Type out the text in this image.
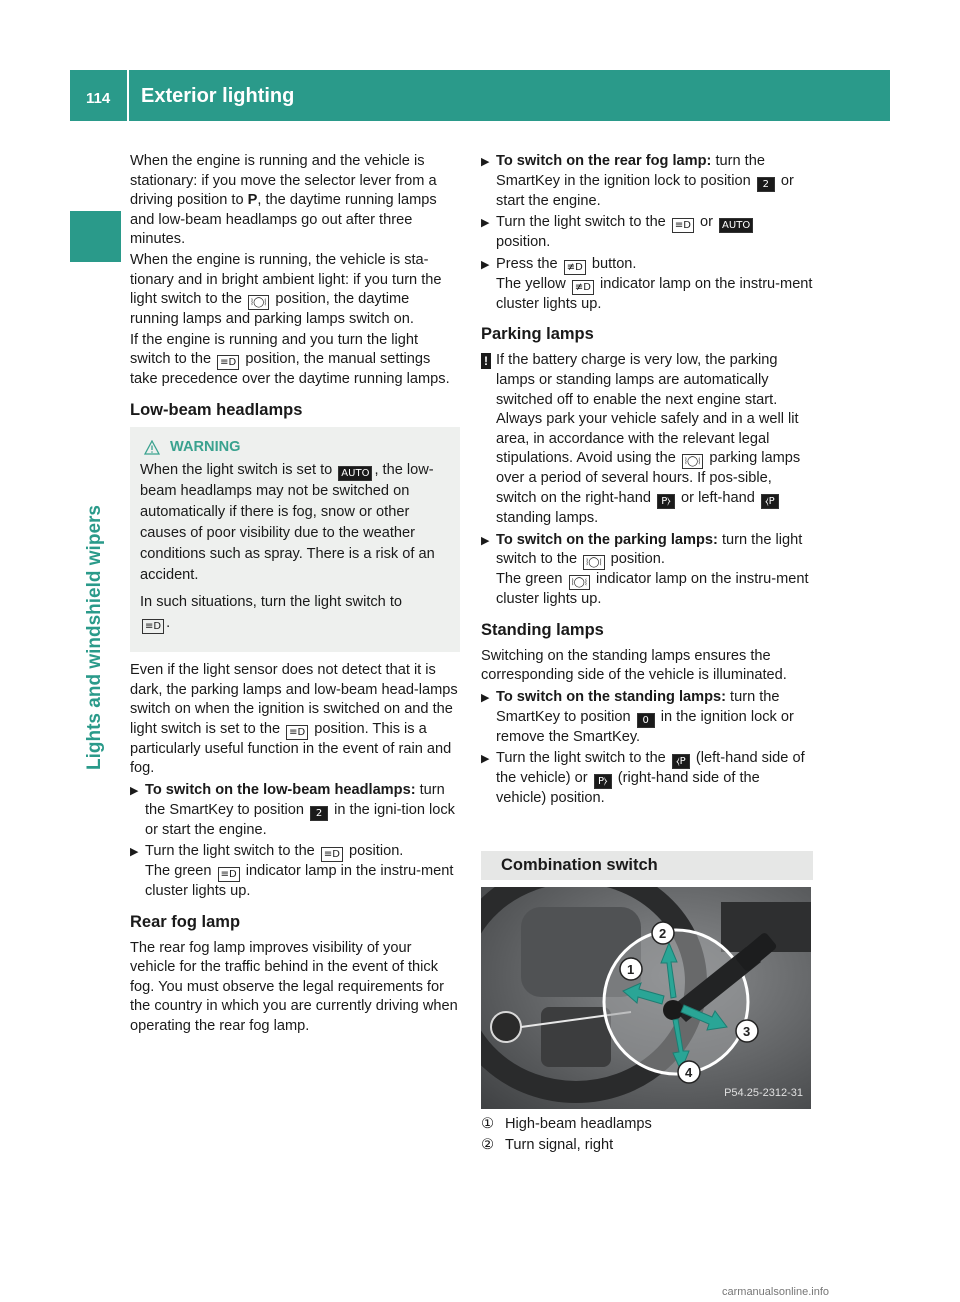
114 Exterior lighting
Lights and windshield wipers

When the engine is running and the vehicle is stationary: if you move the selector lever from a driving position to P, the daytime running lamps and low-beam headlamps go out after three minutes.

When the engine is running, the vehicle is sta-tionary and in bright ambient light: if you turn the light switch to the ⧘◯⧙ position, the daytime running lamps and parking lamps switch on.

If the engine is running and you turn the light switch to the ≡D position, the manual settings take precedence over the daytime running lamps.

Low-beam headlamps
WARNING

When the light switch is set to AUTO , the low-beam headlamps may not be switched on automatically if there is fog, snow or other causes of poor visibility due to the weather conditions such as spray. There is a risk of an accident.

In such situations, turn the light switch to
≡D .

Even if the light sensor does not detect that it is dark, the parking lamps and low-beam head-lamps switch on when the ignition is switched on and the light switch is set to the ≡D position. This is a particularly useful function in the event of rain and fog.

▶ To switch on the low-beam headlamps: turn the SmartKey to position 2 in the igni-tion lock or start the engine.
▶ Turn the light switch to the ≡D position.
The green ≡D indicator lamp in the instru-ment cluster lights up.
Rear fog lamp

The rear fog lamp improves visibility of your vehicle for the traffic behind in the event of thick fog. You must observe the legal requirements for the country in which you are currently driving when operating the rear fog lamp.

▶ To switch on the rear fog lamp: turn the SmartKey in the ignition lock to position 2 or start the engine.
▶ Turn the light switch to the ≡D or AUTO
position.
▶ Press the ≢D button.
The yellow ≢D indicator lamp on the instru-ment cluster lights up.
Parking lamps
! If the battery charge is very low, the parking lamps or standing lamps are automatically switched off to enable the next engine start. Always park your vehicle safely and in a well lit area, in accordance with the relevant legal stipulations. Avoid using the ⧘◯⧙ parking lamps over a period of several hours. If pos-sible, switch on the right-hand P⧽ or left-hand ⧼P standing lamps.
▶ To switch on the parking lamps: turn the light switch to the ⧘◯⧙ position.
The green ⧘◯⧙ indicator lamp on the instru-ment cluster lights up.
Standing lamps

Switching on the standing lamps ensures the corresponding side of the vehicle is illuminated.

▶ To switch on the standing lamps: turn the SmartKey to position 0 in the ignition lock or remove the SmartKey.
▶ Turn the light switch to the ⧼P (left-hand side of the vehicle) or P⧽ (right-hand side of the vehicle) position.
Combination switch
1
2
3
4
P54.25-2312-31
① High-beam headlamps
② Turn signal, right
carmanualsonline.info
